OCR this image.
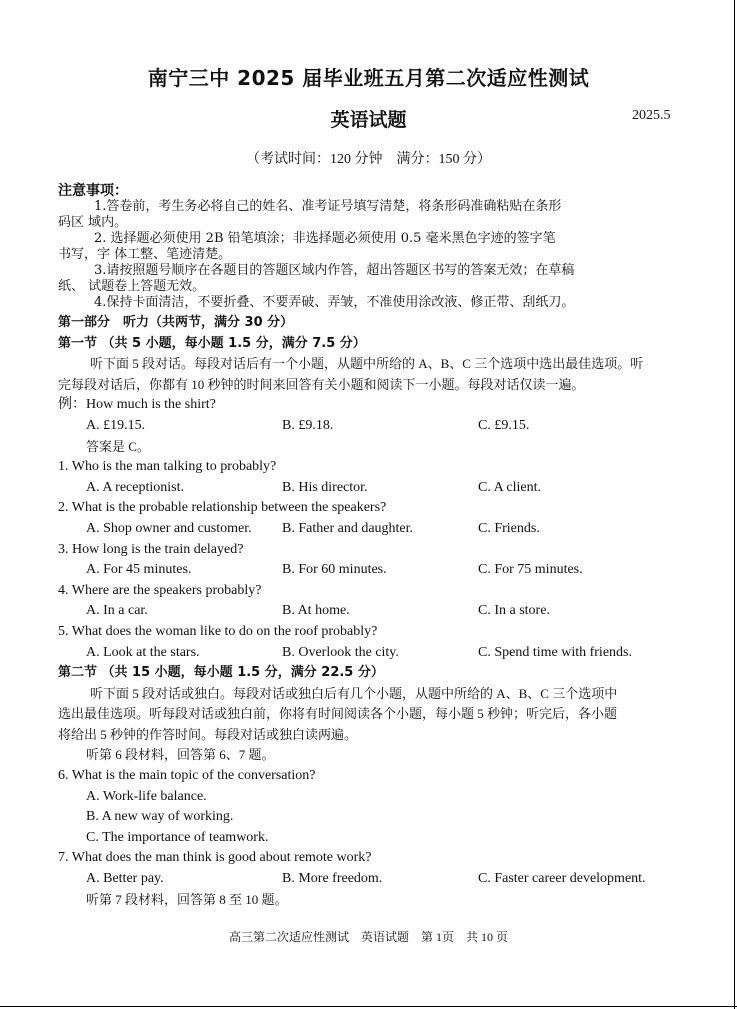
南宁三中 2025 届毕业班五月第二次适应性测试
英语试题	2025.5
（考试时间：120 分钟　满分：150 分）
注意事项：
1.答卷前，考生务必将自己的姓名、准考证号填写清楚，将条形码准确粘贴在条形
码区 域内。
2. 选择题必须使用 2B 铅笔填涂；非选择题必须使用 0.5 毫米黑色字迹的签字笔
书写，字 体工整、笔迹清楚。
3.请按照题号顺序在各题目的答题区域内作答，超出答题区书写的答案无效；在草稿
纸、 试题卷上答题无效。
4.保持卡面清洁，不要折叠、不要弄破、弄皱，不准使用涂改液、修正带、刮纸刀。
第一部分　听力（共两节，满分 30 分）
第一节 （共 5 小题，每小题 1.5 分，满分 7.5 分）
听下面 5 段对话。每段对话后有一个小题，从题中所给的 A、B、C 三个选项中选出最佳选项。听
完每段对话后，你都有 10 秒钟的时间来回答有关小题和阅读下一小题。每段对话仅读一遍。
例：How much is the shirt?
A. £19.15.	B. £9.18.	C. £9.15.
答案是 C。
1. Who is the man talking to probably?
A. A receptionist.	B. His director.	C. A client.
2. What is the probable relationship between the speakers?
A. Shop owner and customer.	B. Father and daughter.	C. Friends.
3. How long is the train delayed?
A. For 45 minutes.	B. For 60 minutes.	C. For 75 minutes.
4. Where are the speakers probably?
A. In a car.	B. At home.	C. In a store.
5. What does the woman like to do on the roof probably?
A. Look at the stars.	B. Overlook the city.	C. Spend time with friends.
第二节 （共 15 小题，每小题 1.5 分，满分 22.5 分）
听下面 5 段对话或独白。每段对话或独白后有几个小题，从题中所给的 A、B、C 三个选项中
选出最佳选项。听每段对话或独白前，你将有时间阅读各个小题，每小题 5 秒钟；听完后，各小题
将给出 5 秒钟的作答时间。每段对话或独白读两遍。
听第 6 段材料，回答第 6、7 题。
6. What is the main topic of the conversation?
A. Work-life balance.
B. A new way of working.
C. The importance of teamwork.
7. What does the man think is good about remote work?
A. Better pay.	B. More freedom.	C. Faster career development.
听第 7 段材料，回答第 8 至 10 题。
高三第二次适应性测试　英语试题　第 1页　共 10 页
